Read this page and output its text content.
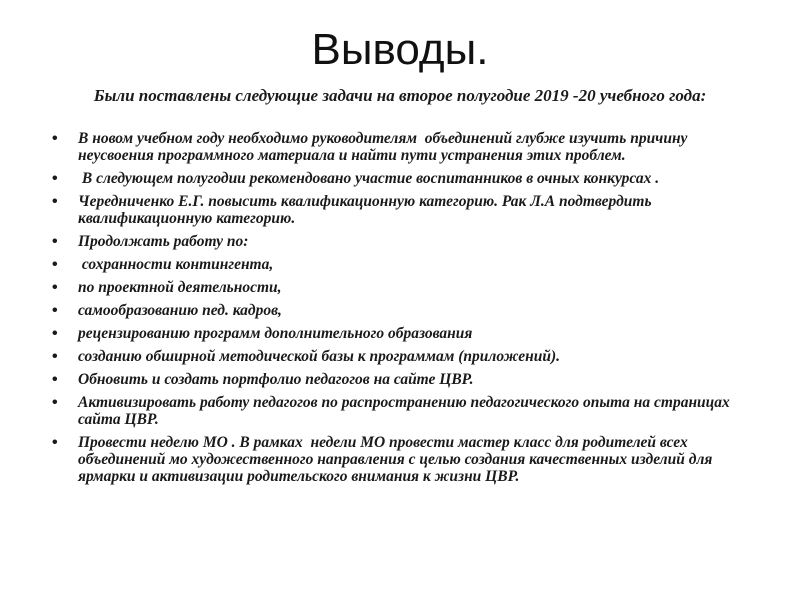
Выводы.
Были поставлены следующие задачи на второе полугодие 2019 -20 учебного года:
• В новом учебном году необходимо руководителям  объединений глубже изучить причину неусвоения программного материала и найти пути устранения этих проблем.
• В следующем полугодии рекомендовано участие воспитанников в очных конкурсах .
• Чередниченко Е.Г. повысить квалификационную категорию. Рак Л.А подтвердить квалификационную категорию.
• Продолжать работу по:
• сохранности контингента,
• по проектной деятельности,
• самообразованию пед. кадров,
• рецензированию программ дополнительного образования
• созданию обширной методической базы к программам (приложений).
• Обновить и создать портфолио педагогов на сайте ЦВР.
• Активизировать работу педагогов по распространению педагогического опыта на страницах  сайта ЦВР.
• Провести неделю МО . В рамках  недели МО провести мастер класс для родителей всех объединений мо художественного направления с целью создания качественных изделий для ярмарки и активизации родительского внимания к жизни ЦВР.
